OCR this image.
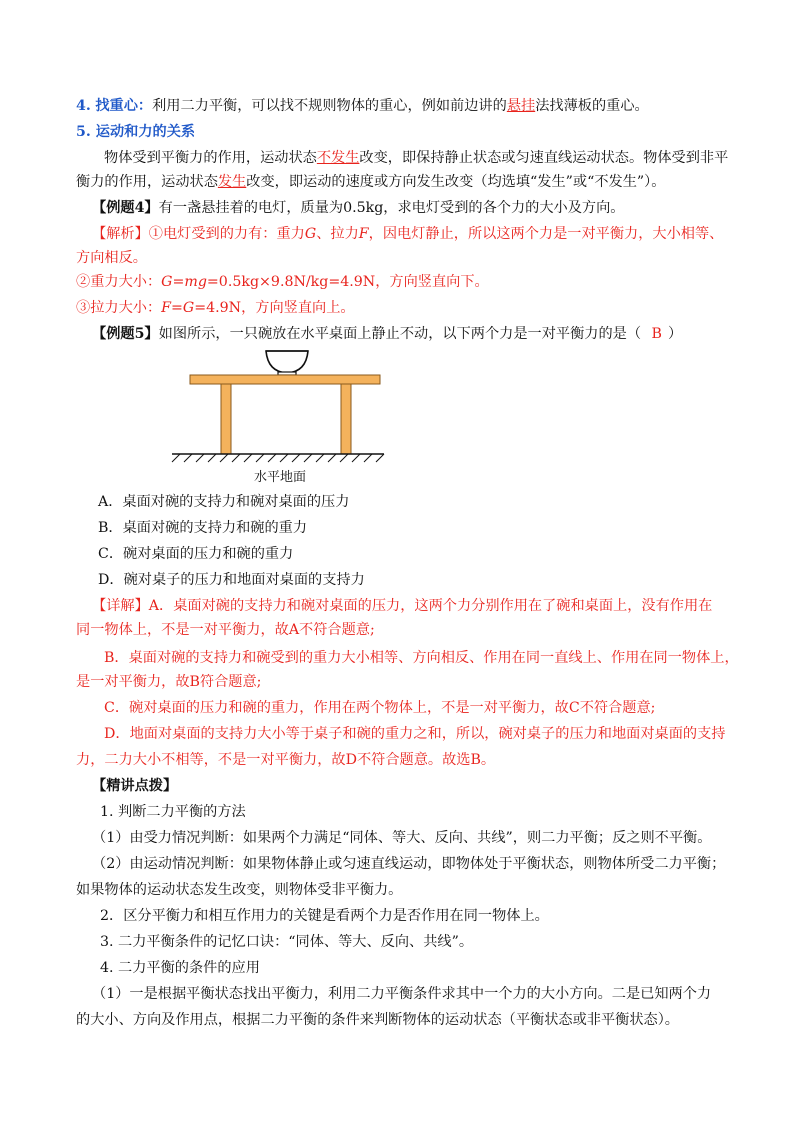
4. 找重心：利用二力平衡，可以找不规则物体的重心，例如前边讲的悬挂法找薄板的重心。
5. 运动和力的关系
物体受到平衡力的作用，运动状态不发生改变，即保持静止状态或匀速直线运动状态。物体受到非平
衡力的作用，运动状态发生改变，即运动的速度或方向发生改变（均选填“发生”或“不发生”）。
【例题4】有一盏悬挂着的电灯，质量为0.5kg，求电灯受到的各个力的大小及方向。
【解析】①电灯受到的力有：重力G、拉力F，因电灯静止，所以这两个力是一对平衡力，大小相等、
方向相反。
②重力大小：G=mg=0.5kg×9.8N/kg=4.9N，方向竖直向下。
③拉力大小：F=G=4.9N，方向竖直向上。
【例题5】如图所示，一只碗放在水平桌面上静止不动，以下两个力是一对平衡力的是（ B ）
水平地面
A．桌面对碗的支持力和碗对桌面的压力
B．桌面对碗的支持力和碗的重力
C．碗对桌面的压力和碗的重力
D．碗对桌子的压力和地面对桌面的支持力
【详解】A．桌面对碗的支持力和碗对桌面的压力，这两个力分别作用在了碗和桌面上，没有作用在
同一物体上，不是一对平衡力，故A不符合题意;
B．桌面对碗的支持力和碗受到的重力大小相等、方向相反、作用在同一直线上、作用在同一物体上，
是一对平衡力，故B符合题意;
C．碗对桌面的压力和碗的重力，作用在两个物体上，不是一对平衡力，故C不符合题意;
D．地面对桌面的支持力大小等于桌子和碗的重力之和，所以，碗对桌子的压力和地面对桌面的支持
力，二力大小不相等，不是一对平衡力，故D不符合题意。故选B。
【精讲点拨】
1. 判断二力平衡的方法
（1）由受力情况判断：如果两个力满足“同体、等大、反向、共线”，则二力平衡；反之则不平衡。
（2）由运动情况判断：如果物体静止或匀速直线运动，即物体处于平衡状态，则物体所受二力平衡；
如果物体的运动状态发生改变，则物体受非平衡力。
2．区分平衡力和相互作用力的关键是看两个力是否作用在同一物体上。
3. 二力平衡条件的记忆口诀：“同体、等大、反向、共线”。
4. 二力平衡的条件的应用
（1）一是根据平衡状态找出平衡力，利用二力平衡条件求其中一个力的大小方向。二是已知两个力
的大小、方向及作用点，根据二力平衡的条件来判断物体的运动状态（平衡状态或非平衡状态）。
